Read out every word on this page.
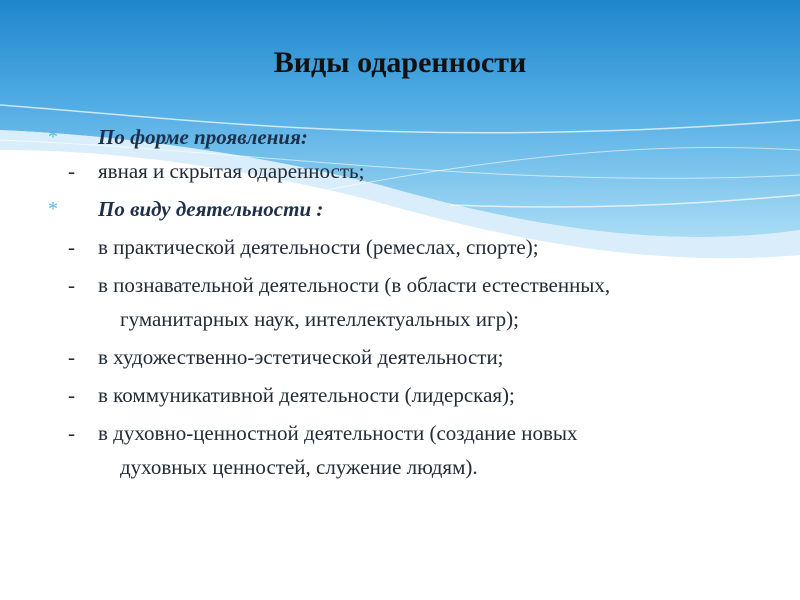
Виды одаренности
* По форме проявления:
- явная и скрытая одаренность;
* По виду деятельности :
- в практической деятельности (ремеслах, спорте);
- в познавательной деятельности (в области естественных,
гуманитарных наук, интеллектуальных игр);
- в художественно-эстетической деятельности;
- в коммуникативной деятельности (лидерская);
- в духовно-ценностной деятельности (создание новых
духовных ценностей, служение людям).
